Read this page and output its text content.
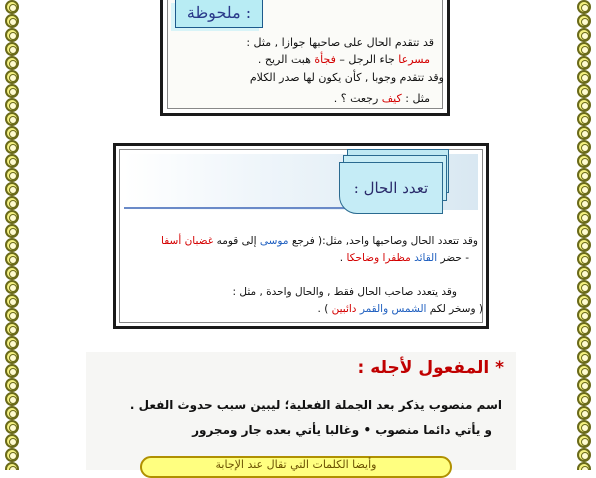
ملحوظة :
قد تتقدم الحال على صاحبها جوازا , مثل :
مسرعا جاء الرجل – فجأة هبت الريح .
وقد تتقدم وجوبا , كأن يكون لها صدر الكلام
مثل : كيف رجعت ؟ .
تعدد الحال :
وقد تتعدد الحال وصاحبها واحد, مثل:( فرجع موسى إلى قومه غضبان أسفا
- حضر القائد مظفرا وضاحكا .
وقد يتعدد صاحب الحال فقط , والحال واحدة , مثل :
( وسخر لكم الشمس والقمر دائبين ) .
* المفعول لأجله :
اسم منصوب يذكر بعد الجملة الفعلية؛ ليبين سبب حدوث الفعل .
و يأتي دائما منصوب • وغالبا يأتي بعده جار ومجرور
وأيضا الكلمات التي تقال عند الإجابة
